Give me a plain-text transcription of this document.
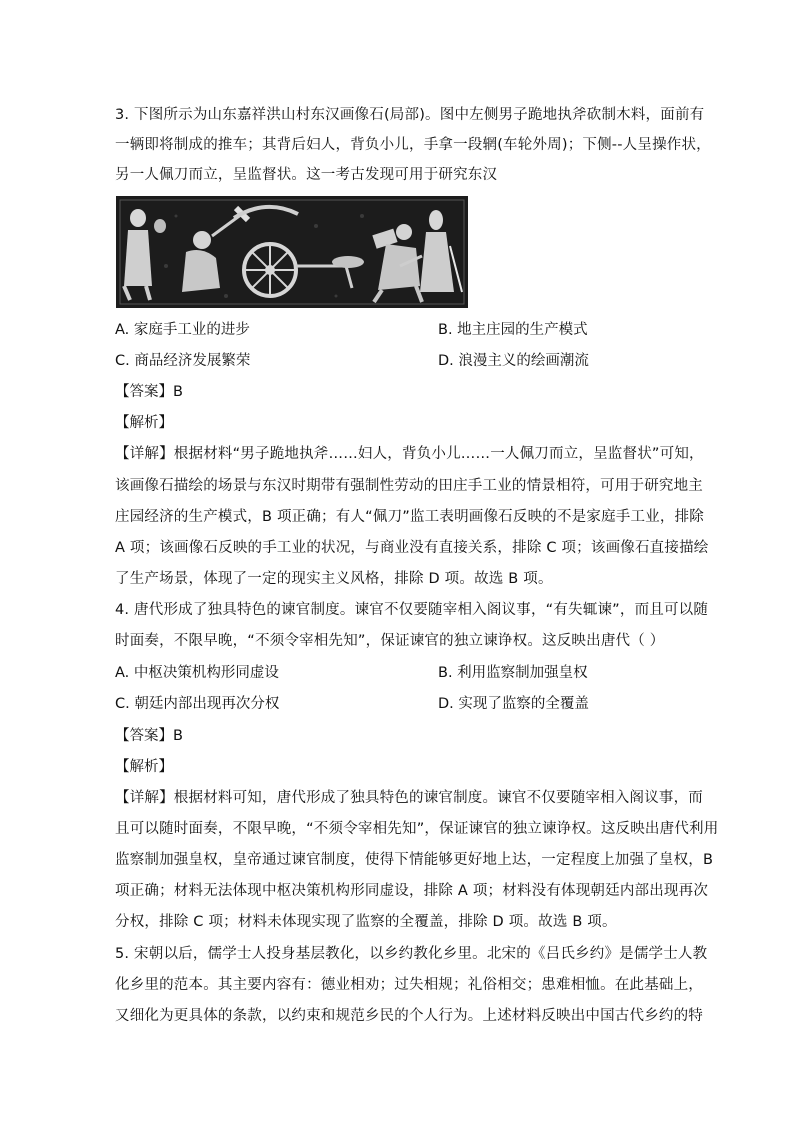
3. 下图所示为山东嘉祥洪山村东汉画像石(局部)。图中左侧男子跪地执斧砍制木料，面前有
一辆即将制成的推车；其背后妇人，背负小儿，手拿一段辋(车轮外周)；下侧--人呈操作状，
另一人佩刀而立，呈监督状。这一考古发现可用于研究东汉
A. 家庭手工业的进步	B. 地主庄园的生产模式
C. 商品经济发展繁荣	D. 浪漫主义的绘画潮流
【答案】B
【解析】
【详解】根据材料“男子跪地执斧……妇人，背负小儿……一人佩刀而立，呈监督状”可知，
该画像石描绘的场景与东汉时期带有强制性劳动的田庄手工业的情景相符，可用于研究地主
庄园经济的生产模式，B 项正确；有人“佩刀”监工表明画像石反映的不是家庭手工业，排除
A 项；该画像石反映的手工业的状况，与商业没有直接关系，排除 C 项；该画像石直接描绘
了生产场景，体现了一定的现实主义风格，排除 D 项。故选 B 项。
4. 唐代形成了独具特色的谏官制度。谏官不仅要随宰相入阁议事，“有失辄谏”，而且可以随
时面奏，不限早晚，“不须令宰相先知”，保证谏官的独立谏诤权。这反映出唐代（ ）
A. 中枢决策机构形同虚设	B. 利用监察制加强皇权
C. 朝廷内部出现再次分权	D. 实现了监察的全覆盖
【答案】B
【解析】
【详解】根据材料可知，唐代形成了独具特色的谏官制度。谏官不仅要随宰相入阁议事，而
且可以随时面奏，不限早晚，“不须令宰相先知”，保证谏官的独立谏诤权。这反映出唐代利用
监察制加强皇权，皇帝通过谏官制度，使得下情能够更好地上达，一定程度上加强了皇权，B
项正确；材料无法体现中枢决策机构形同虚设，排除 A 项；材料没有体现朝廷内部出现再次
分权，排除 C 项；材料未体现实现了监察的全覆盖，排除 D 项。故选 B 项。
5. 宋朝以后，儒学士人投身基层教化，以乡约教化乡里。北宋的《吕氏乡约》是儒学士人教
化乡里的范本。其主要内容有：德业相劝；过失相规；礼俗相交；患难相恤。在此基础上，
又细化为更具体的条款，以约束和规范乡民的个人行为。上述材料反映出中国古代乡约的特
